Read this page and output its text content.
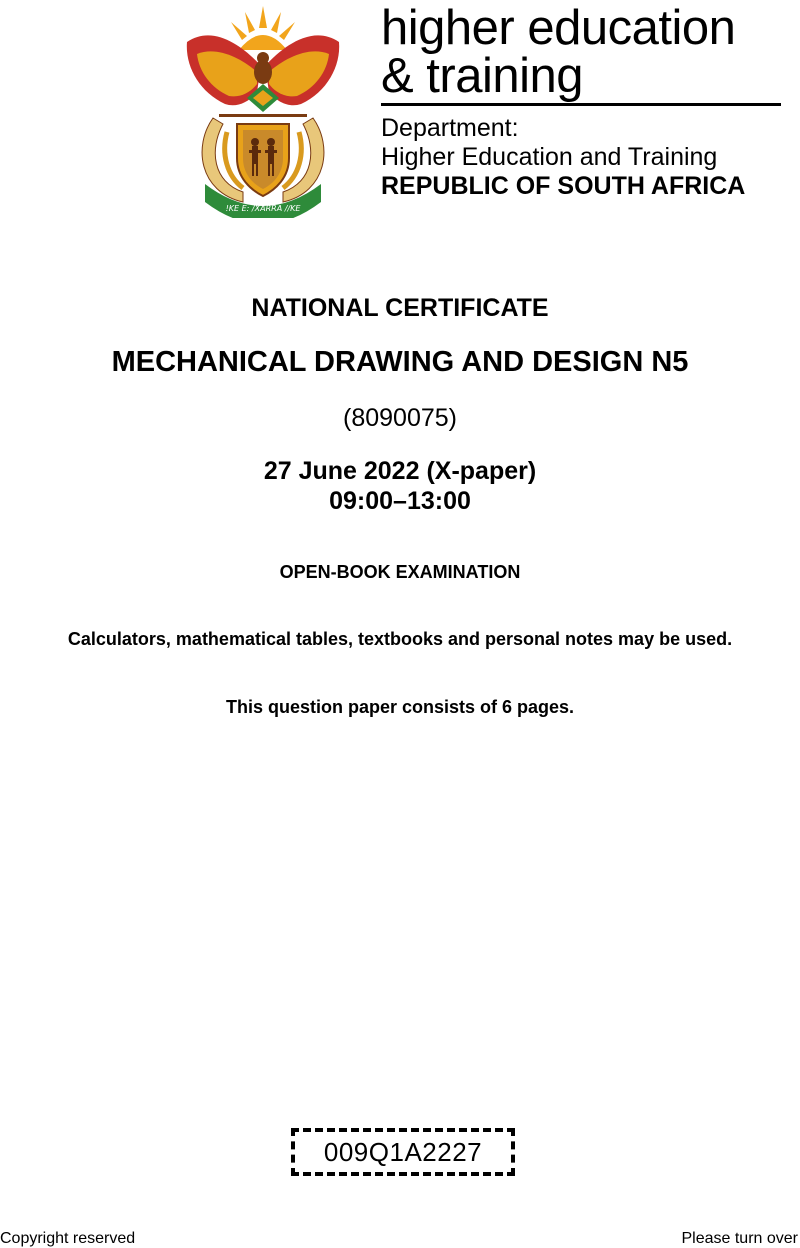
!KE E: /XARRA //KE
higher education
& training
Department:
Higher Education and Training
REPUBLIC OF SOUTH AFRICA
NATIONAL CERTIFICATE
MECHANICAL DRAWING AND DESIGN N5
(8090075)
27 June 2022 (X-paper)
09:00–13:00
OPEN-BOOK EXAMINATION
Calculators, mathematical tables, textbooks and personal notes may be used.
This question paper consists of 6 pages.
009Q1A2227
Copyright reserved	Please turn over
